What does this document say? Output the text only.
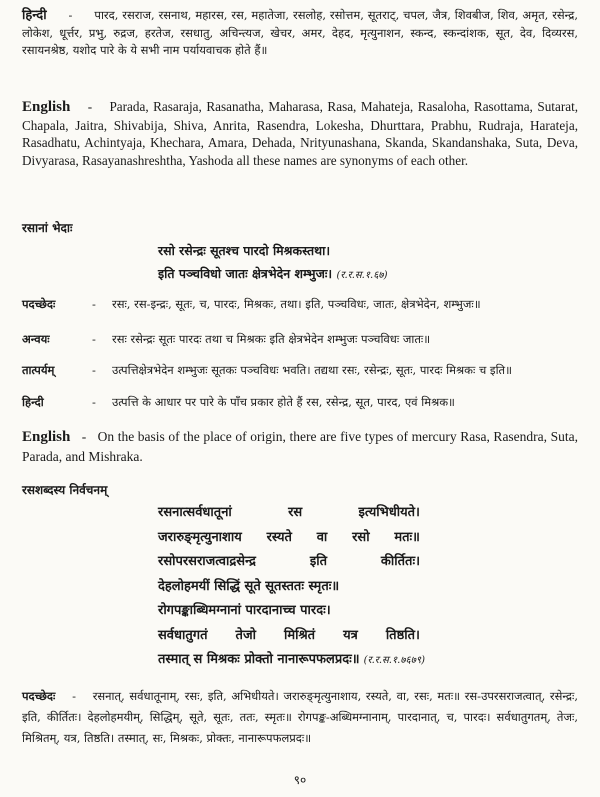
हिन्दी - पारद, रसराज, रसनाथ, महारस, रस, महातेजा, रसलोह, रसोत्तम, सूतराट्, चपल, जैत्र, शिवबीज, शिव, अमृत, रसेन्द्र, लोकेश, धूर्त्तर, प्रभु, रुद्रज, हरतेज, रसधातु, अचिन्त्यज, खेचर, अमर, देहद, मृत्युनाशन, स्कन्द, स्कन्दांशक, सूत, देव, दिव्यरस, रसायनश्रेष्ठ, यशोद पारे के ये सभी नाम पर्यायवाचक होते हैं॥

English - Parada, Rasaraja, Rasanatha, Maharasa, Rasa, Mahateja, Rasaloha, Rasottama, Sutarat, Chapala, Jaitra, Shivabija, Shiva, Anrita, Rasendra, Lokesha, Dhurttara, Prabhu, Rudraja, Harateja, Rasadhatu, Achintyaja, Khechara, Amara, Dehada, Nrityunashana, Skanda, Skandanshaka, Suta, Deva, Divyarasa, Rasayanashreshtha, Yashoda all these names are synonyms of each other.

रसानां भेदाः
रसो रसेन्द्रः सूतश्च पारदो मिश्रकस्तथा।
इति पञ्चविधो जातः क्षेत्रभेदेन शम्भुजः। (र.र.स.१.६७)
पदच्छेदः	- रसः, रस-इन्द्रः, सूतः, च, पारदः, मिश्रकः, तथा। इति, पञ्चविधः, जातः, क्षेत्रभेदेन, शम्भुजः॥
अन्वयः	- रसः रसेन्द्रः सूतः पारदः तथा च मिश्रकः इति क्षेत्रभेदेन शम्भुजः पञ्चविधः जातः॥
तात्पर्यम्	- उत्पत्तिक्षेत्रभेदेन शम्भुजः सूतकः पञ्चविधः भवति। तद्यथा रसः, रसेन्द्रः, सूतः, पारदः मिश्रकः च इति॥
हिन्दी	- उत्पत्ति के आधार पर पारे के पाँच प्रकार होते हैं रस, रसेन्द्र, सूत, पारद, एवं मिश्रक॥

English - On the basis of the place of origin, there are five types of mercury Rasa, Rasendra, Suta, Parada, and Mishraka.

रसशब्दस्य निर्वचनम्
रसनात्सर्वधातूनां	रस	इत्यभिधीयते।
जरारुङ्मृत्युनाशाय रस्यते वा रसो मतः॥
रसोपरसराजत्वाद्रसेन्द्र	इति	कीर्तितः।
देहलोहमयीं सिद्धिं सूते सूतस्ततः स्मृतः॥
रोगपङ्काब्धिमग्नानां पारदानाच्च पारदः।
सर्वधातुगतं तेजो मिश्रितं यत्र तिष्ठति।
तस्मात् स मिश्रकः प्रोक्तो नानारूपफलप्रदः॥ (र.र.स.१.७६७९)

पदच्छेदः - रसनात्, सर्वधातूनाम्, रसः, इति, अभिधीयते। जरारुङ्मृत्युनाशाय, रस्यते, वा, रसः, मतः॥ रस-उपरसराजत्वात्, रसेन्द्रः, इति, कीर्तितः। देहलोहमयीम्, सिद्धिम्, सूते, सूतः, ततः, स्मृतः॥ रोगपङ्क-अब्धिमग्नानाम्, पारदानात्, च, पारदः। सर्वधातुगतम्, तेजः, मिश्रितम्, यत्र, तिष्ठति। तस्मात्, सः, मिश्रकः, प्रोक्तः, नानारूपफलप्रदः॥

९०
